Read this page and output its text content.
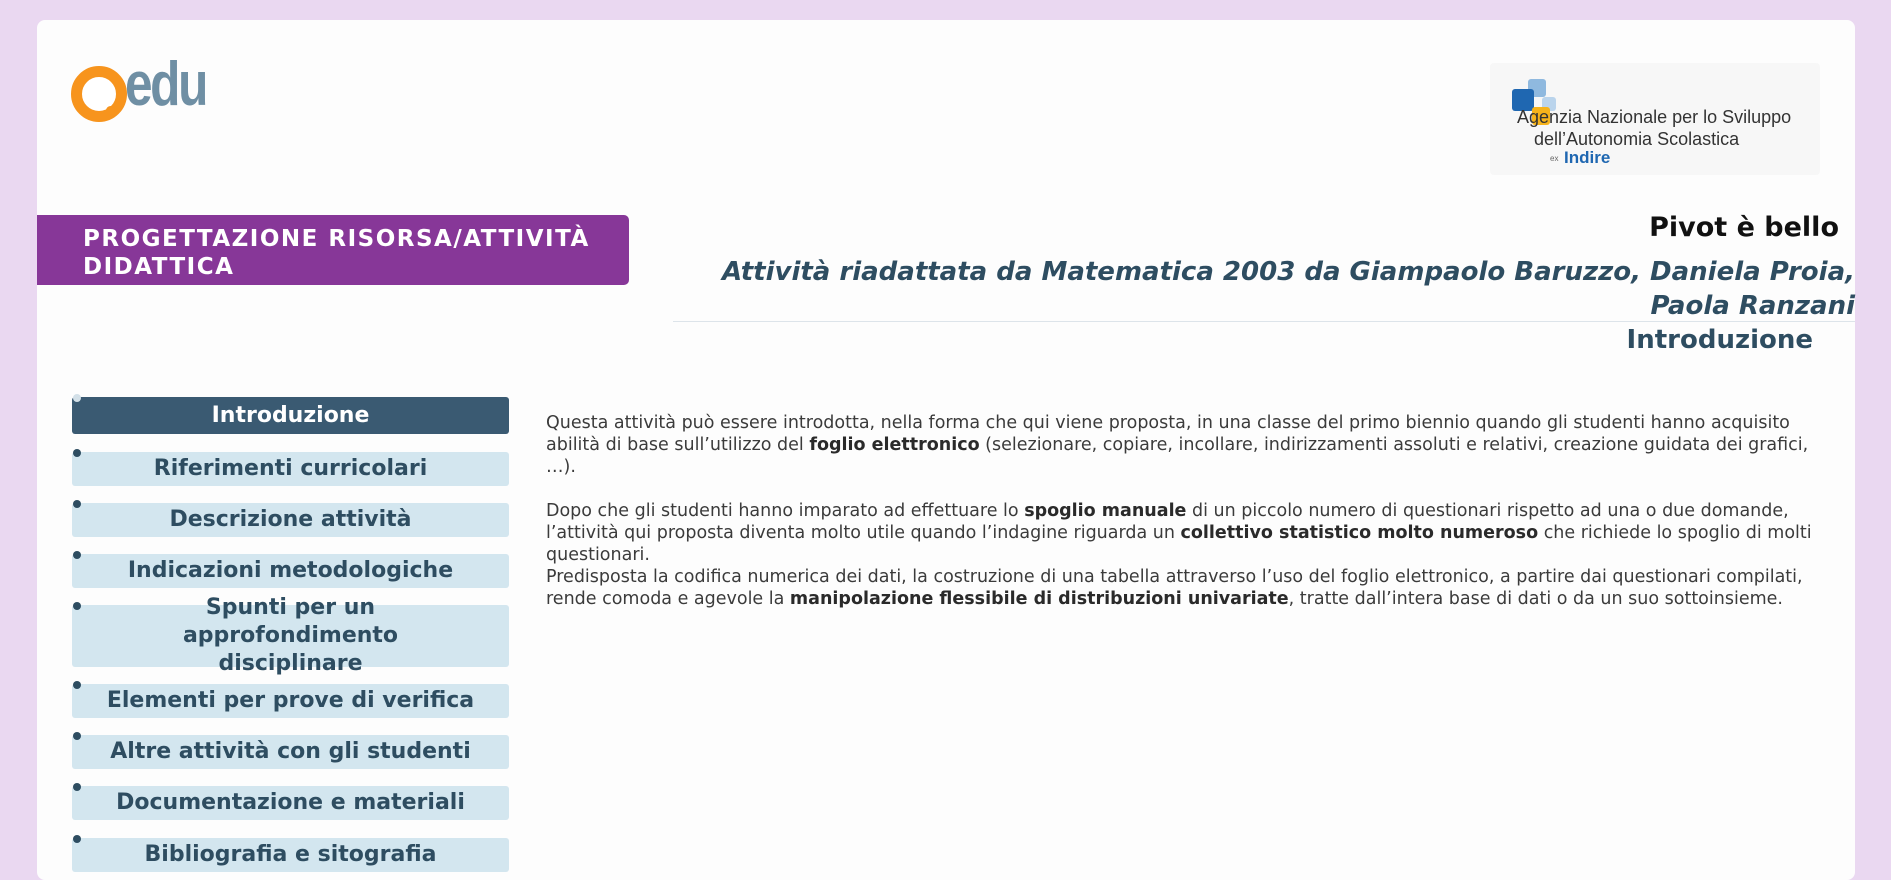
edu	Agenzia Nazionale per lo Sviluppo
dell’Autonomia Scolastica
ex Indire
PROGETTAZIONE RISORSA/ATTIVITÀ DIDATTICA
Pivot è bello
Attività riadattata da Matematica 2003 da Giampaolo Baruzzo, Daniela Proia, Paola Ranzani
Introduzione
Introduzione
Riferimenti curricolari
Descrizione attività
Indicazioni metodologiche
Spunti per un approfondimento disciplinare
Elementi per prove di verifica
Altre attività con gli studenti
Documentazione e materiali
Bibliografia e sitografia

Questa attività può essere introdotta, nella forma che qui viene proposta, in una classe del primo biennio quando gli studenti hanno acquisito abilità di base sull’utilizzo del foglio elettronico (selezionare, copiare, incollare, indirizzamenti assoluti e relativi, creazione guidata dei grafici, …).

Dopo che gli studenti hanno imparato ad effettuare lo spoglio manuale di un piccolo numero di questionari rispetto ad una o due domande, l’attività qui proposta diventa molto utile quando l’indagine riguarda un collettivo statistico molto numeroso che richiede lo spoglio di molti questionari.

Predisposta la codifica numerica dei dati, la costruzione di una tabella attraverso l’uso del foglio elettronico, a partire dai questionari compilati, rende comoda e agevole la manipolazione flessibile di distribuzioni univariate, tratte dall’intera base di dati o da un suo sottoinsieme.
